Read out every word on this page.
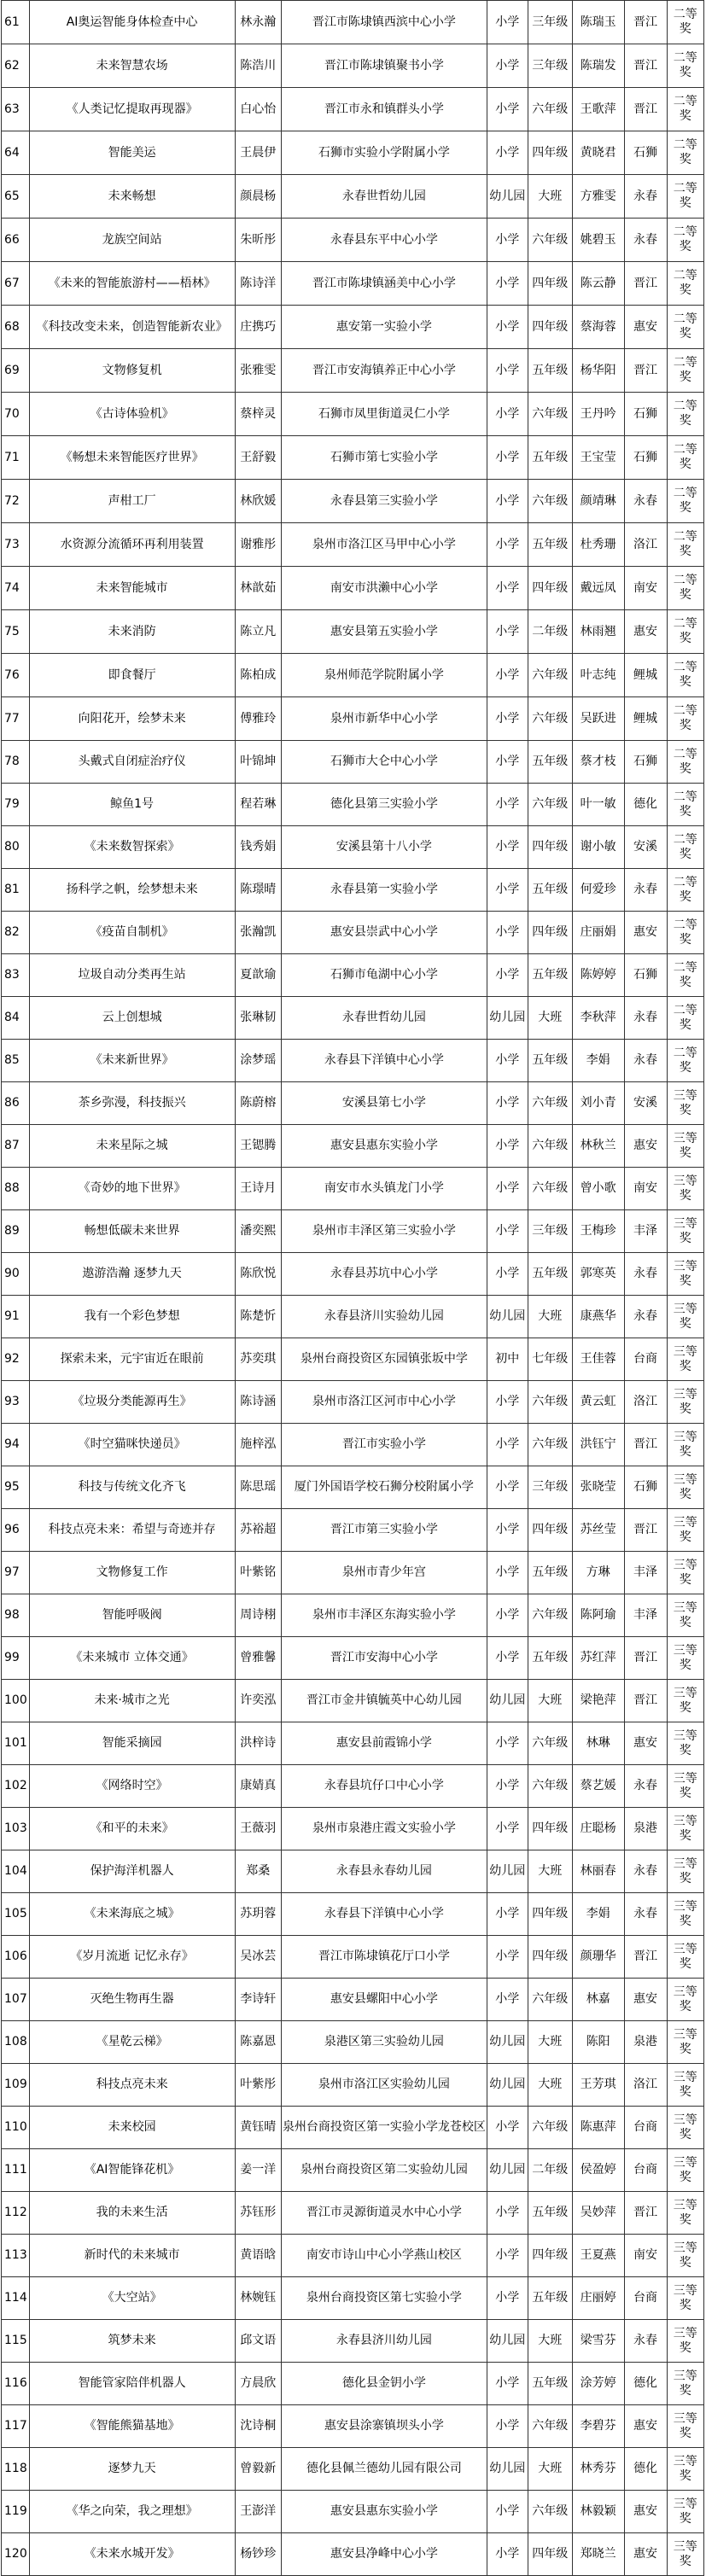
61	AI奥运智能身体检查中心	林永瀚	晋江市陈埭镇西滨中心小学	小学	三年级	陈瑞玉	晋江	二等奖
62	未来智慧农场	陈浩川	晋江市陈埭镇聚书小学	小学	三年级	陈瑞发	晋江	二等奖
63	《人类记忆提取再现器》	白心怡	晋江市永和镇群头小学	小学	六年级	王歌萍	晋江	二等奖
64	智能美运	王晨伊	石狮市实验小学附属小学	小学	四年级	黄晓君	石狮	二等奖
65	未来畅想	颜晨杨	永春世哲幼儿园	幼儿园	大班	方雅雯	永春	二等奖
66	龙族空间站	朱昕彤	永春县东平中心小学	小学	六年级	姚碧玉	永春	二等奖
67	《未来的智能旅游村——梧林》	陈诗洋	晋江市陈埭镇涵美中心小学	小学	四年级	陈云静	晋江	二等奖
68	《科技改变未来，创造智能新农业》	庄携巧	惠安第一实验小学	小学	四年级	蔡海蓉	惠安	二等奖
69	文物修复机	张雅雯	晋江市安海镇养正中心小学	小学	五年级	杨华阳	晋江	二等奖
70	《古诗体验机》	蔡梓灵	石狮市凤里街道灵仁小学	小学	六年级	王丹吟	石狮	二等奖
71	《畅想未来智能医疗世界》	王舒毅	石狮市第七实验小学	小学	五年级	王宝莹	石狮	二等奖
72	声柑工厂	林欣媛	永春县第三实验小学	小学	六年级	颜靖琳	永春	二等奖
73	水资源分流循环再利用装置	谢雅彤	泉州市洛江区马甲中心小学	小学	五年级	杜秀珊	洛江	二等奖
74	未来智能城市	林歆茹	南安市洪濑中心小学	小学	四年级	戴远凤	南安	二等奖
75	未来消防	陈立凡	惠安县第五实验小学	小学	二年级	林雨翘	惠安	二等奖
76	即食餐厅	陈柏成	泉州师范学院附属小学	小学	六年级	叶志纯	鲤城	二等奖
77	向阳花开，绘梦未来	傅雅玲	泉州市新华中心小学	小学	六年级	吴跃进	鲤城	二等奖
78	头戴式自闭症治疗仪	叶锦坤	石狮市大仑中心小学	小学	五年级	蔡才枝	石狮	二等奖
79	鲸鱼1号	程若琳	德化县第三实验小学	小学	六年级	叶一敏	德化	二等奖
80	《未来数智探索》	钱秀娟	安溪县第十八小学	小学	四年级	谢小敏	安溪	二等奖
81	扬科学之帆，绘梦想未来	陈璟晴	永春县第一实验小学	小学	五年级	何爱珍	永春	二等奖
82	《疫苗自制机》	张瀚凯	惠安县崇武中心小学	小学	四年级	庄丽娟	惠安	二等奖
83	垃圾自动分类再生站	夏歆瑜	石狮市龟湖中心小学	小学	五年级	陈婷婷	石狮	二等奖
84	云上创想城	张琳韧	永春世哲幼儿园	幼儿园	大班	李秋萍	永春	二等奖
85	《未来新世界》	涂梦瑶	永春县下洋镇中心小学	小学	五年级	李娟	永春	二等奖
86	茶乡弥漫，科技振兴	陈蔚榕	安溪县第七小学	小学	六年级	刘小青	安溪	三等奖
87	未来星际之城	王锶腾	惠安县惠东实验小学	小学	六年级	林秋兰	惠安	三等奖
88	《奇妙的地下世界》	王诗月	南安市水头镇龙门小学	小学	六年级	曾小歌	南安	三等奖
89	畅想低碳未来世界	潘奕熙	泉州市丰泽区第三实验小学	小学	三年级	王梅珍	丰泽	三等奖
90	遨游浩瀚 逐梦九天	陈欣悦	永春县苏坑中心小学	小学	五年级	郭寒英	永春	三等奖
91	我有一个彩色梦想	陈楚忻	永春县济川实验幼儿园	幼儿园	大班	康燕华	永春	三等奖
92	探索未来，元宇宙近在眼前	苏奕琪	泉州台商投资区东园镇张坂中学	初中	七年级	王佳蓉	台商	三等奖
93	《垃圾分类能源再生》	陈诗涵	泉州市洛江区河市中心小学	小学	六年级	黄云虹	洛江	三等奖
94	《时空猫咪快递员》	施梓泓	晋江市实验小学	小学	六年级	洪钰宁	晋江	三等奖
95	科技与传统文化齐飞	陈思瑶	厦门外国语学校石狮分校附属小学	小学	三年级	张晓莹	石狮	三等奖
96	科技点亮未来：希望与奇迹并存	苏裕超	晋江市第三实验小学	小学	四年级	苏丝莹	晋江	三等奖
97	文物修复工作	叶紫铭	泉州市青少年宫	小学	五年级	方琳	丰泽	三等奖
98	智能呼吸阀	周诗栩	泉州市丰泽区东海实验小学	小学	六年级	陈阿瑜	丰泽	三等奖
99	《未来城市 立体交通》	曾雅馨	晋江市安海中心小学	小学	五年级	苏红萍	晋江	三等奖
100	未来·城市之光	许奕泓	晋江市金井镇毓英中心幼儿园	幼儿园	大班	梁艳萍	晋江	三等奖
101	智能采摘园	洪梓诗	惠安县前霞锦小学	小学	六年级	林琳	惠安	三等奖
102	《网络时空》	康婧真	永春县坑仔口中心小学	小学	六年级	蔡艺媛	永春	三等奖
103	《和平的未来》	王薇羽	泉州市泉港庄霞文实验小学	小学	四年级	庄聪杨	泉港	三等奖
104	保护海洋机器人	郑桑	永春县永春幼儿园	幼儿园	大班	林丽春	永春	三等奖
105	《未来海底之城》	苏玥蓉	永春县下洋镇中心小学	小学	四年级	李娟	永春	三等奖
106	《岁月流逝 记忆永存》	吴冰芸	晋江市陈埭镇花厅口小学	小学	四年级	颜珊华	晋江	三等奖
107	灭绝生物再生器	李诗轩	惠安县螺阳中心小学	小学	六年级	林嘉	惠安	三等奖
108	《星乾云梯》	陈嘉恩	泉港区第三实验幼儿园	幼儿园	大班	陈阳	泉港	三等奖
109	科技点亮未来	叶紫彤	泉州市洛江区实验幼儿园	幼儿园	大班	王芳琪	洛江	三等奖
110	未来校园	黄钰晴	泉州台商投资区第一实验小学龙苍校区	小学	六年级	陈惠萍	台商	三等奖
111	《AI智能锋花机》	姜一洋	泉州台商投资区第二实验幼儿园	幼儿园	二年级	侯盈婷	台商	三等奖
112	我的未来生活	苏钰形	晋江市灵源街道灵水中心小学	小学	五年级	吴妙萍	晋江	三等奖
113	新时代的未来城市	黄语晗	南安市诗山中心小学燕山校区	小学	四年级	王夏燕	南安	三等奖
114	《大空站》	林婉钰	泉州台商投资区第七实验小学	小学	五年级	庄丽婷	台商	三等奖
115	筑梦未来	邱文语	永春县济川幼儿园	幼儿园	大班	梁雪芬	永春	三等奖
116	智能管家陪伴机器人	方晨欣	德化县金钥小学	小学	五年级	涂芳婷	德化	三等奖
117	《智能熊猫基地》	沈诗桐	惠安县涂寨镇坝头小学	小学	六年级	李碧芬	惠安	三等奖
118	逐梦九天	曾毅新	德化县佩兰德幼儿园有限公司	幼儿园	大班	林秀芬	德化	三等奖
119	《华之向荣，我之理想》	王澎洋	惠安县惠东实验小学	小学	六年级	林毅颖	惠安	三等奖
120	《未来水城开发》	杨钞珍	惠安县净峰中心小学	小学	四年级	郑晓兰	惠安	三等奖
